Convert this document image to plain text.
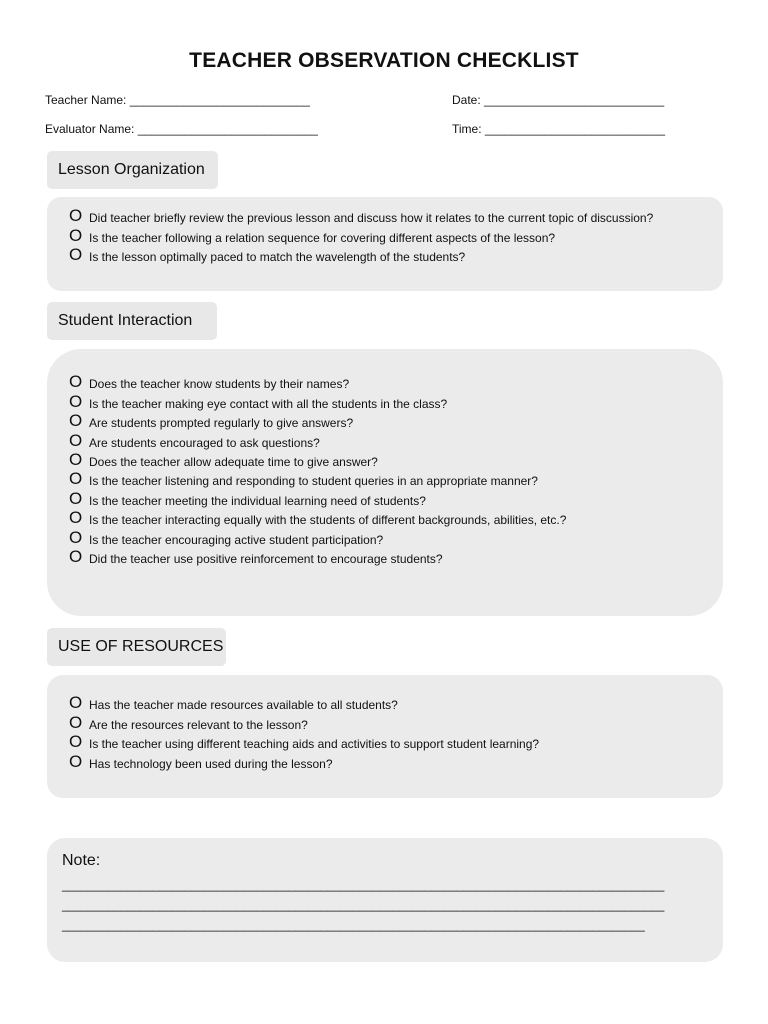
TEACHER OBSERVATION CHECKLIST
Teacher Name: ___________________________	Date: ___________________________
Evaluator Name: ___________________________	Time: ___________________________
Lesson Organization
O Did teacher briefly review the previous lesson and discuss how it relates to the current topic of discussion?
O Is the teacher following a relation sequence for covering different aspects of the lesson?
O Is the lesson optimally paced to match the wavelength of the students?
Student Interaction
O Does the teacher know students by their names?
O Is the teacher making eye contact with all the students in the class?
O Are students prompted regularly to give answers?
O Are students encouraged to ask questions?
O Does the teacher allow adequate time to give answer?
O Is the teacher listening and responding to student queries in an appropriate manner?
O Is the teacher meeting the individual learning need of students?
O Is the teacher interacting equally with the students of different backgrounds, abilities, etc.?
O Is the teacher encouraging active student participation?
O Did the teacher use positive reinforcement to encourage students?
USE OF RESOURCES
O Has the teacher made resources available to all students?
O Are the resources relevant to the lesson?
O Is the teacher using different teaching aids and activities to support student learning?
O Has technology been used during the lesson?
Note:
_____________________________________________________________________________________________
_____________________________________________________________________________________________
__________________________________________________________________________________________
